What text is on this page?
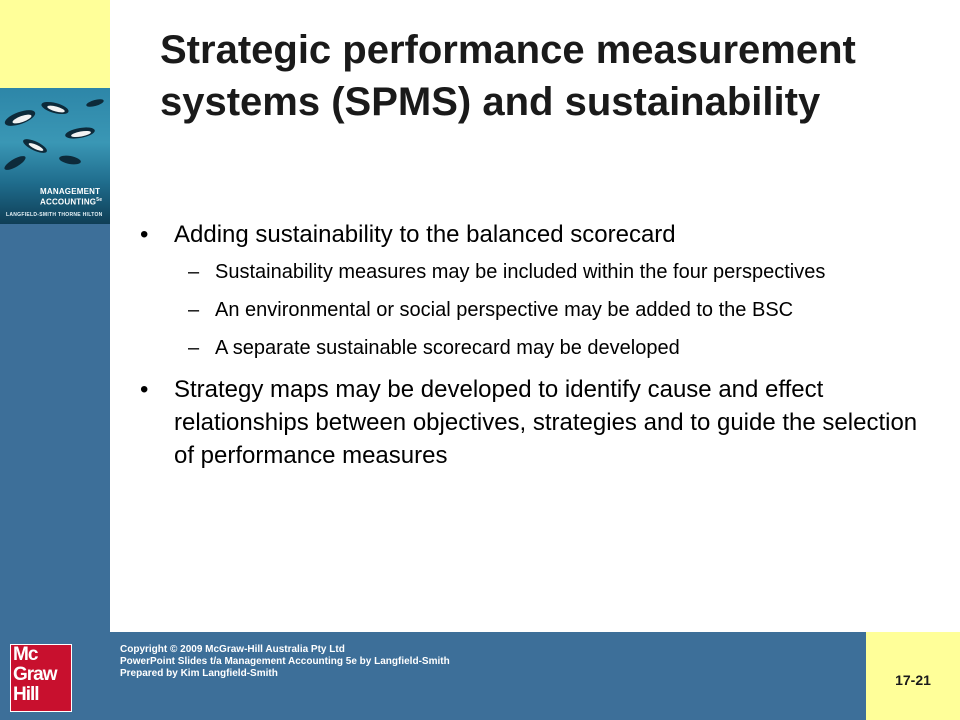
MANAGEMENT
$ACCOUNTING^{5e}$
LANGFIELD-SMITH THORNE HILTON
Mc
Graw
Hill
Strategic performance measurement systems (SPMS) and sustainability
• Adding sustainability to the balanced scorecard
– Sustainability measures may be included within the four perspectives
– An environmental or social perspective may be added to the BSC
– A separate sustainable scorecard may be developed
• Strategy maps may be developed to identify cause and effect relationships between objectives, strategies and to guide the selection of performance measures
Copyright © 2009 McGraw-Hill Australia Pty Ltd
PowerPoint Slides t/a Management Accounting 5e by Langfield-Smith
Prepared by Kim Langfield-Smith	17-21
